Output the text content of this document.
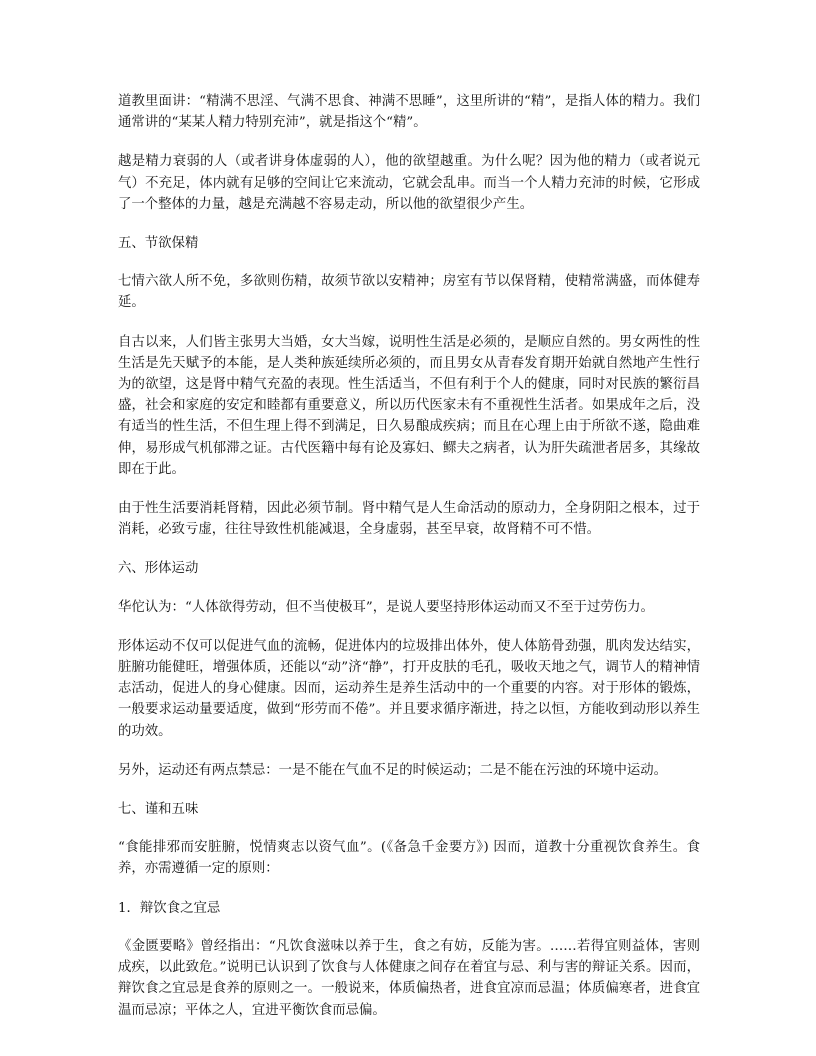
道教里面讲：“精满不思淫、气满不思食、神满不思睡”，这里所讲的“精”，是指人体的精力。我们通常讲的“某某人精力特别充沛”，就是指这个“精”。

越是精力衰弱的人（或者讲身体虚弱的人），他的欲望越重。为什么呢？因为他的精力（或者说元气）不充足，体内就有足够的空间让它来流动，它就会乱串。而当一个人精力充沛的时候，它形成了一个整体的力量，越是充满越不容易走动，所以他的欲望很少产生。

五、节欲保精

七情六欲人所不免，多欲则伤精，故须节欲以安精神；房室有节以保肾精，使精常满盛，而体健寿延。

自古以来，人们皆主张男大当婚，女大当嫁，说明性生活是必须的，是顺应自然的。男女两性的性生活是先天赋予的本能，是人类种族延续所必须的，而且男女从青春发育期开始就自然地产生性行为的欲望，这是肾中精气充盈的表现。性生活适当，不但有利于个人的健康，同时对民族的繁衍昌盛，社会和家庭的安定和睦都有重要意义，所以历代医家未有不重视性生活者。如果成年之后，没有适当的性生活，不但生理上得不到满足，日久易酿成疾病；而且在心理上由于所欲不遂，隐曲难伸，易形成气机郁滞之证。古代医籍中每有论及寡妇、鳏夫之病者，认为肝失疏泄者居多，其缘故即在于此。

由于性生活要消耗肾精，因此必须节制。肾中精气是人生命活动的原动力，全身阴阳之根本，过于消耗，必致亏虚，往往导致性机能减退，全身虚弱，甚至早衰，故肾精不可不惜。

六、形体运动

华佗认为：“人体欲得劳动，但不当使极耳”，是说人要坚持形体运动而又不至于过劳伤力。

形体运动不仅可以促进气血的流畅，促进体内的垃圾排出体外，使人体筋骨劲强，肌肉发达结实，脏腑功能健旺，增强体质，还能以“动”济“静”，打开皮肤的毛孔，吸收天地之气，调节人的精神情志活动，促进人的身心健康。因而，运动养生是养生活动中的一个重要的内容。对于形体的锻炼，一般要求运动量要适度，做到“形劳而不倦”。并且要求循序渐进，持之以恒，方能收到动形以养生的功效。

另外，运动还有两点禁忌：一是不能在气血不足的时候运动；二是不能在污浊的环境中运动。

七、谨和五味

“食能排邪而安脏腑，悦情爽志以资气血”。(《备急千金要方》) 因而，道教十分重视饮食养生。食养，亦需遵循一定的原则：

1．辩饮食之宜忌

《金匮要略》曾经指出：“凡饮食滋味以养于生，食之有妨，反能为害。……若得宜则益体，害则成疾，以此致危。”说明已认识到了饮食与人体健康之间存在着宜与忌、利与害的辩证关系。因而，辩饮食之宜忌是食养的原则之一。一般说来，体质偏热者，进食宜凉而忌温；体质偏寒者，进食宜温而忌凉；平体之人，宜进平衡饮食而忌偏。
